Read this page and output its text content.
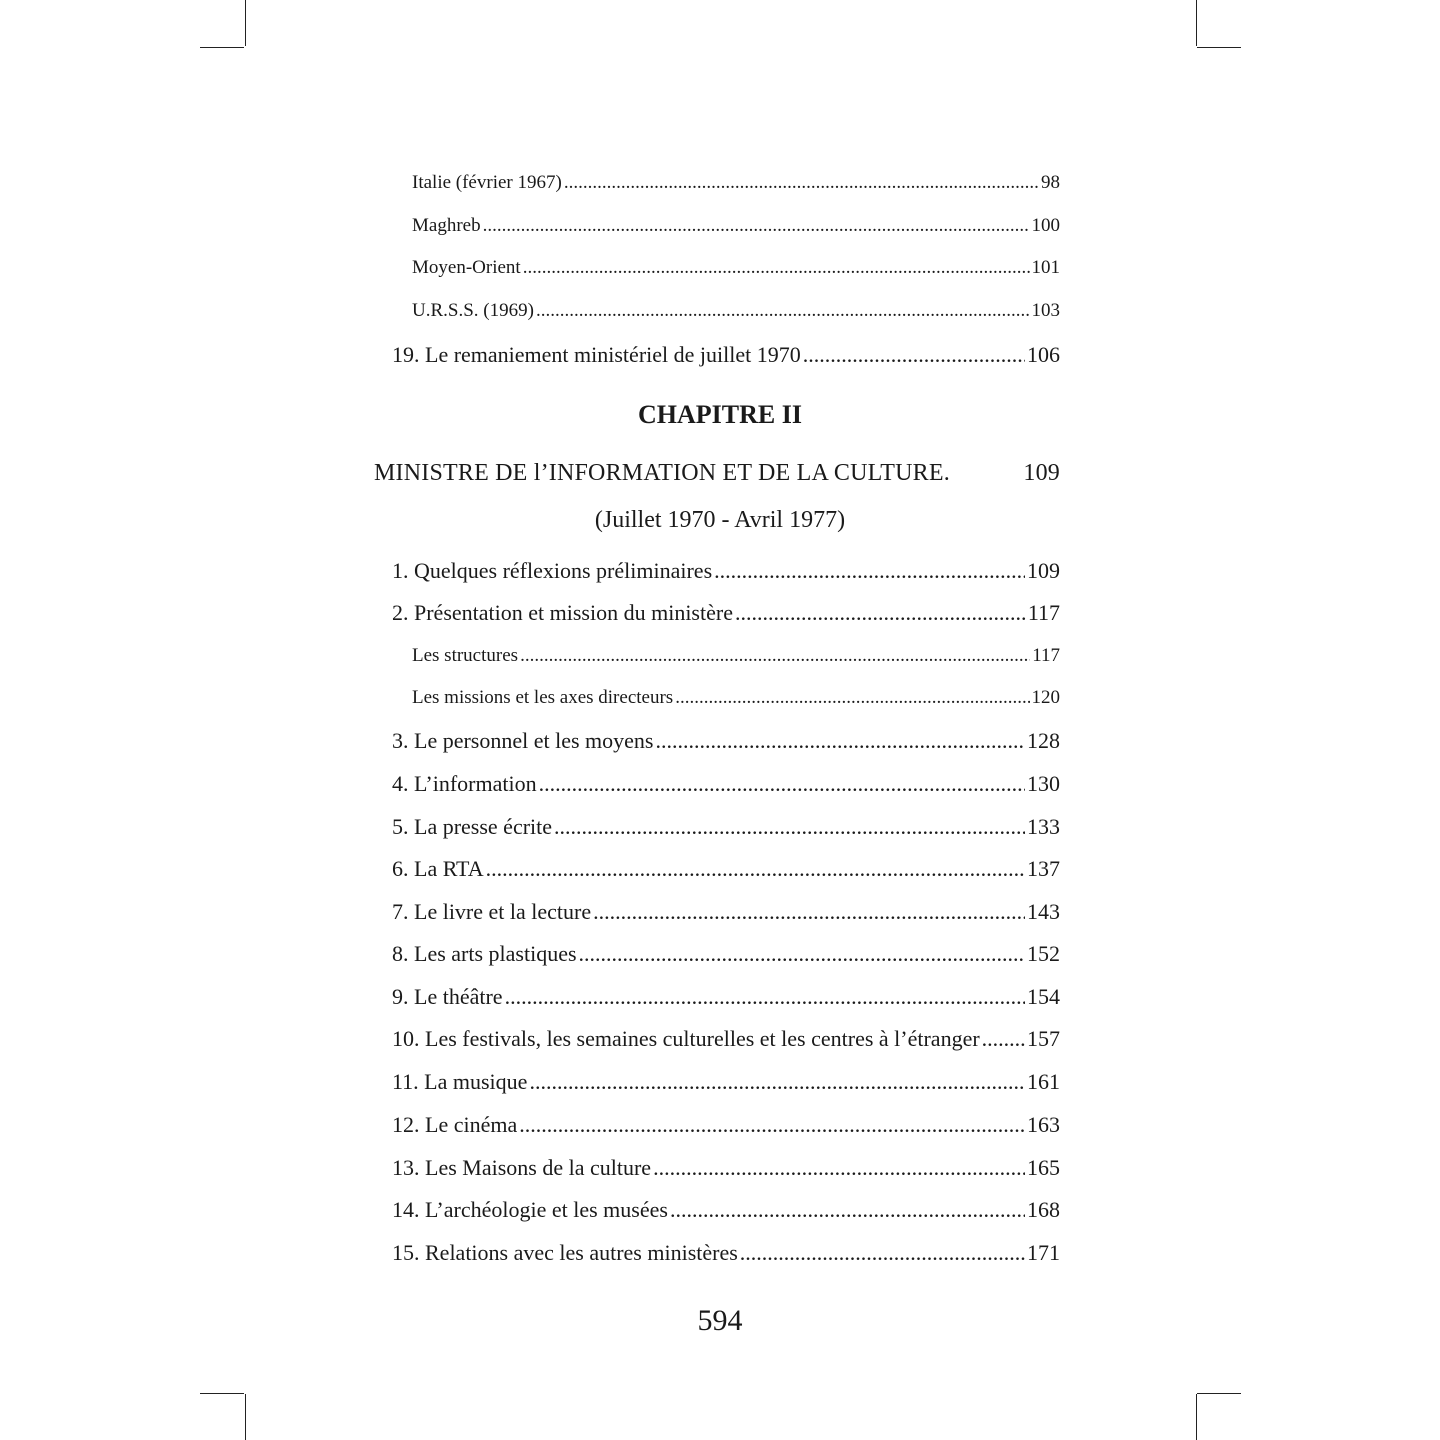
Italie (février 1967) .....	98
Maghreb .....	100
Moyen-Orient .....	101
U.R.S.S. (1969) .....	103
19. Le remaniement ministériel de juillet 1970 .....	106
CHAPITRE II
MINISTRE DE l’INFORMATION ET DE LA CULTURE.	109
(Juillet 1970 - Avril 1977)
1. Quelques réflexions préliminaires .....	109
2. Présentation et mission du ministère .....	117
Les structures .....	117
Les missions et les axes directeurs .....	120
3. Le personnel et les moyens .....	128
4. L’information .....	130
5. La presse écrite .....	133
6. La RTA .....	137
7. Le livre et la lecture .....	143
8. Les arts plastiques .....	152
9. Le théâtre .....	154
10. Les festivals, les semaines culturelles et les centres à l’étranger ..... 157
11. La musique .....	161
12. Le cinéma .....	163
13. Les Maisons de la culture .....	165
14. L’archéologie et les musées .....	168
15. Relations avec les autres ministères .....	171
594
